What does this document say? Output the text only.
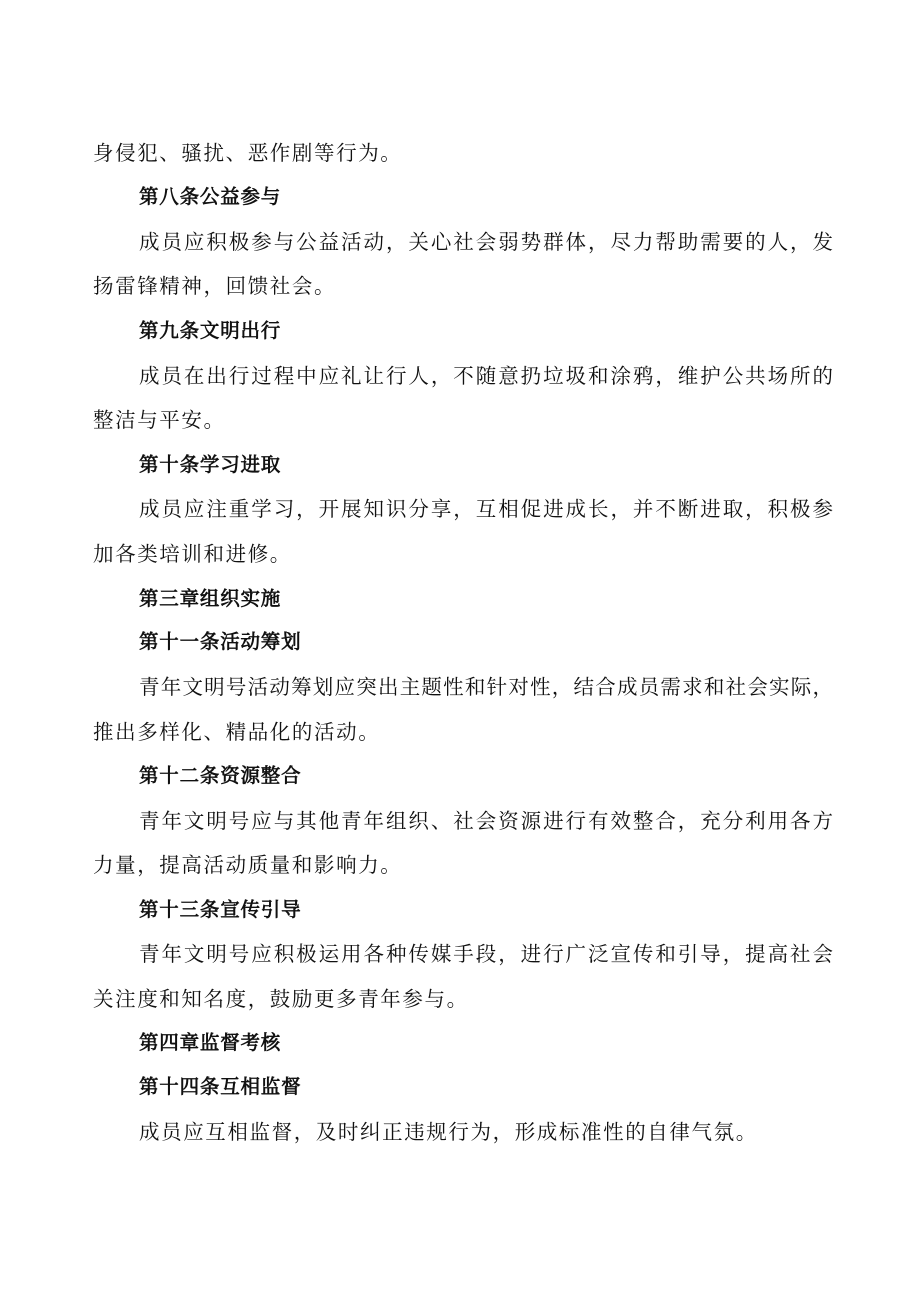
身侵犯、骚扰、恶作剧等行为。
第八条公益参与
成员应积极参与公益活动，关心社会弱势群体，尽力帮助需要的人，发
扬雷锋精神，回馈社会。
第九条文明出行
成员在出行过程中应礼让行人，不随意扔垃圾和涂鸦，维护公共场所的
整洁与平安。
第十条学习进取
成员应注重学习，开展知识分享，互相促进成长，并不断进取，积极参
加各类培训和进修。
第三章组织实施
第十一条活动筹划
青年文明号活动筹划应突出主题性和针对性，结合成员需求和社会实际，
推出多样化、精品化的活动。
第十二条资源整合
青年文明号应与其他青年组织、社会资源进行有效整合，充分利用各方
力量，提高活动质量和影响力。
第十三条宣传引导
青年文明号应积极运用各种传媒手段，进行广泛宣传和引导，提高社会
关注度和知名度，鼓励更多青年参与。
第四章监督考核
第十四条互相监督
成员应互相监督，及时纠正违规行为，形成标准性的自律气氛。
